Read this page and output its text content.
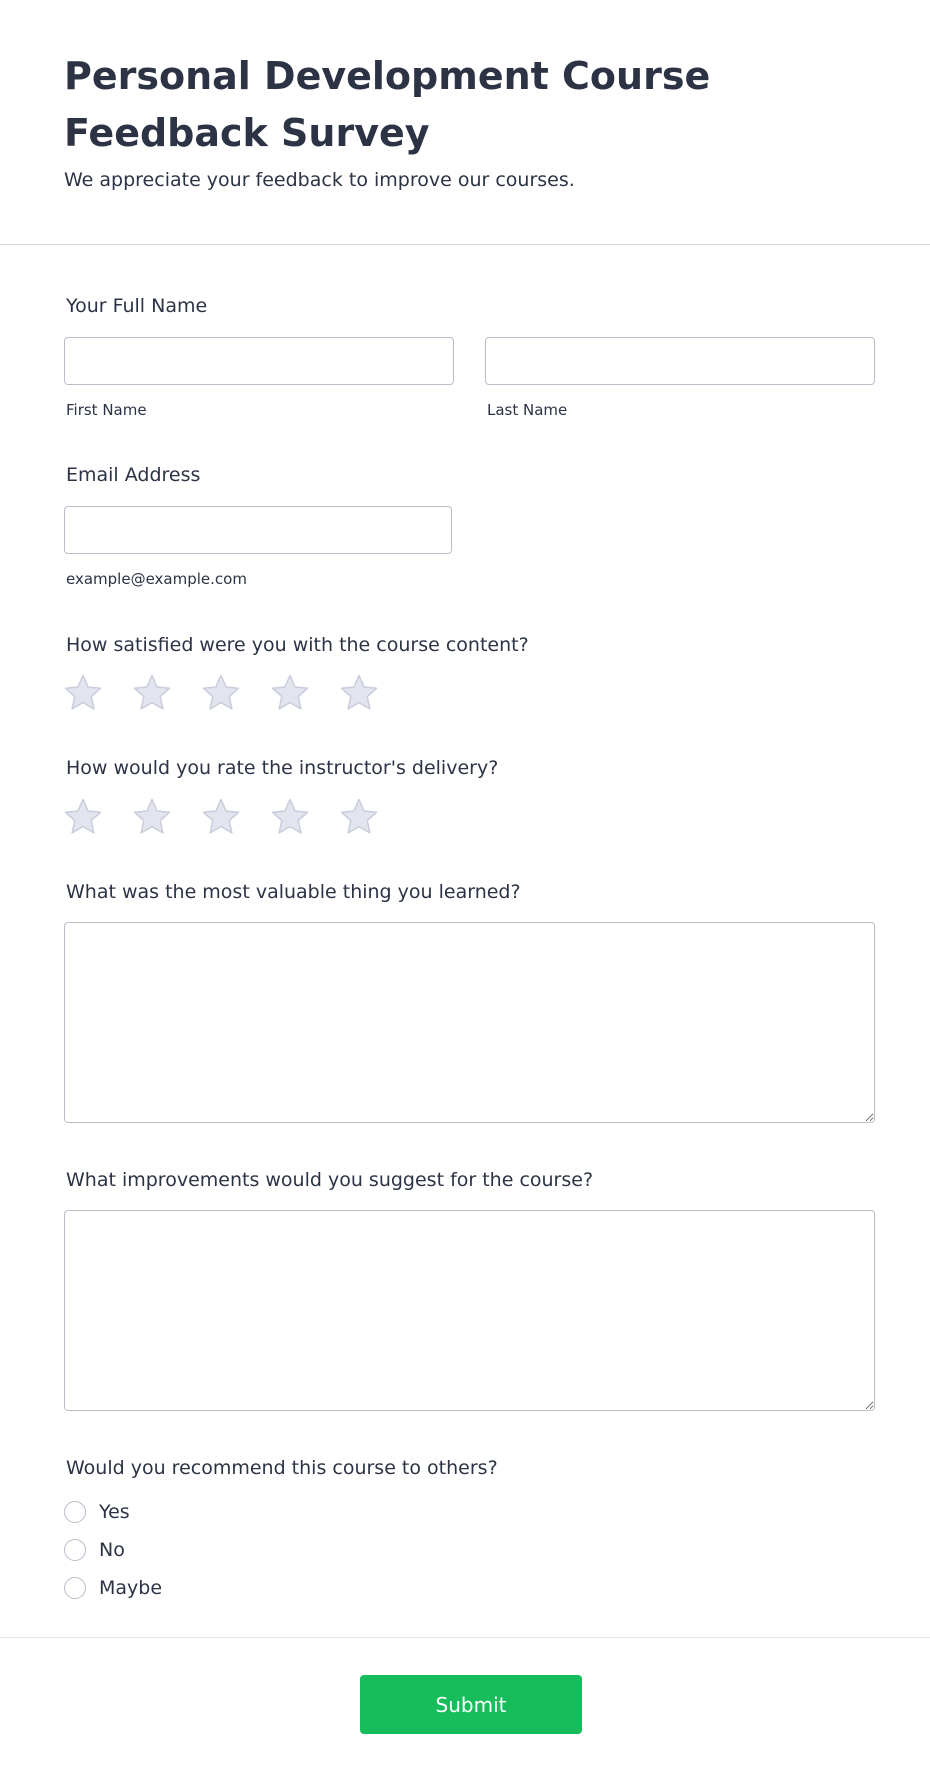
Personal Development Course Feedback Survey

We appreciate your feedback to improve our courses.

Your Full Name
First Name	Last Name
Email Address
example@example.com
How satisfied were you with the course content?
How would you rate the instructor's delivery?
What was the most valuable thing you learned?
What improvements would you suggest for the course?
Would you recommend this course to others?
Yes
No
Maybe
Submit
